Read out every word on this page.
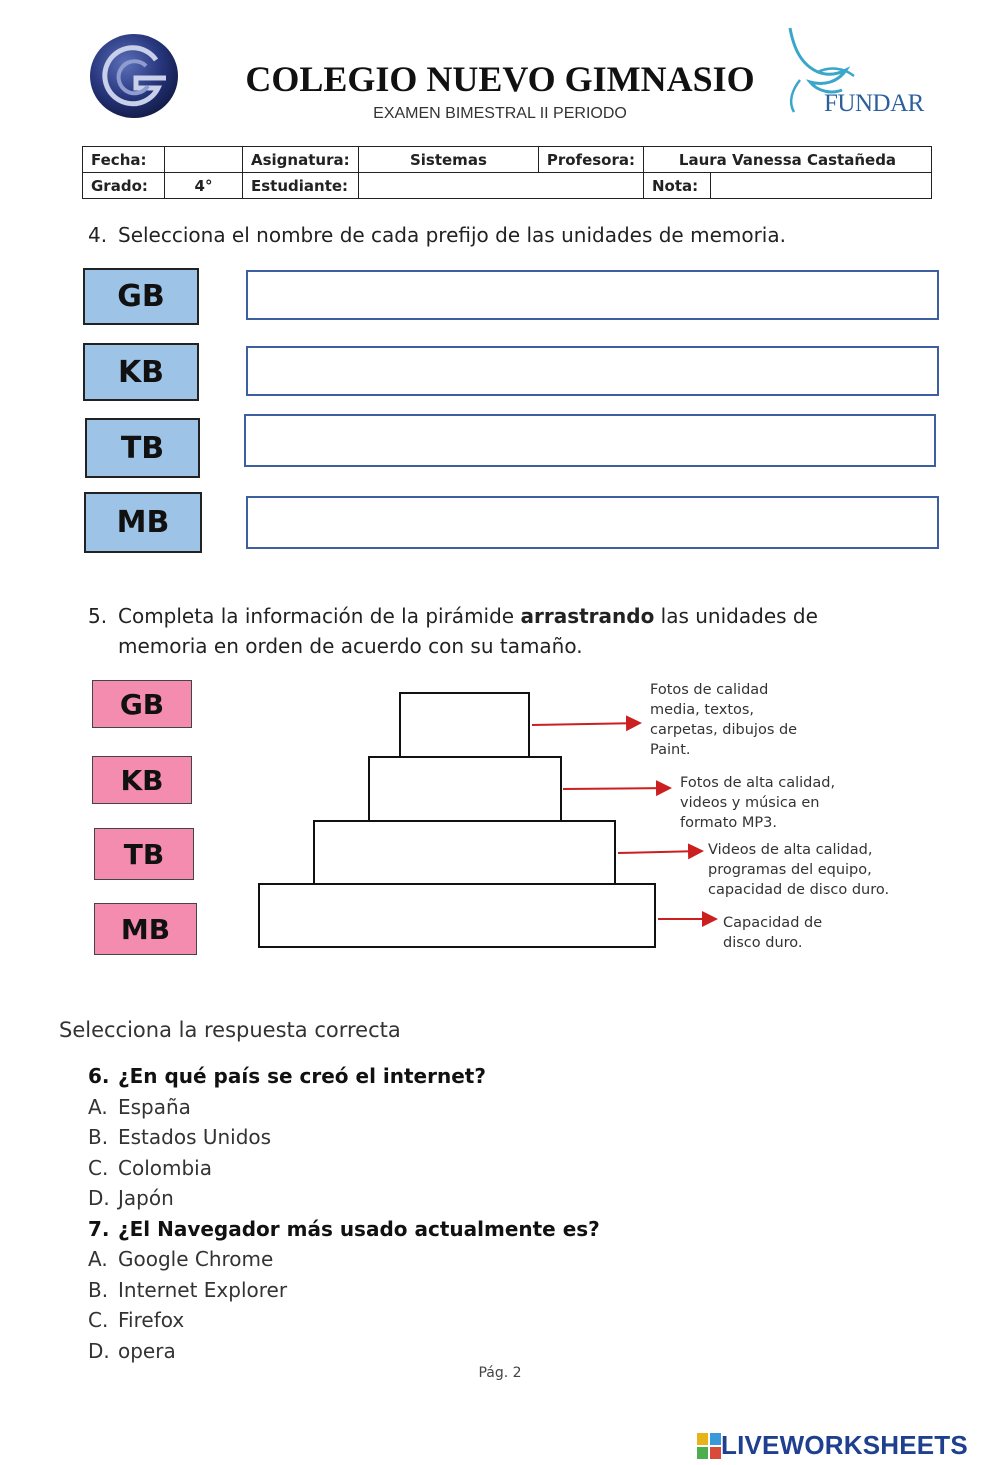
COLEGIO NUEVO GIMNASIO
EXAMEN BIMESTRAL II PERIODO	FUNDAR
Fecha:		Asignatura:	Sistemas	Profesora:	Laura Vanessa Castañeda	
Grado:	4°	Estudiante:			Nota:	
4. Selecciona el nombre de cada prefijo de las unidades de memoria.
GB
KB
TB
MB
5. Completa la información de la pirámide arrastrando las unidades de
memoria en orden de acuerdo con su tamaño.
GB
KB
TB
MB
Fotos de calidad
media, textos,
carpetas, dibujos de
Paint.
Fotos de alta calidad,
videos y música en
formato MP3.
Videos de alta calidad,
programas del equipo,
capacidad de disco duro.
Capacidad de
disco duro.
Selecciona la respuesta correcta
6. ¿En qué país se creó el internet?
A. España
B. Estados Unidos
C. Colombia
D. Japón
7. ¿El Navegador más usado actualmente es?
A. Google Chrome
B. Internet Explorer
C. Firefox
D. opera
Pág. 2
LIVEWORKSHEETS
